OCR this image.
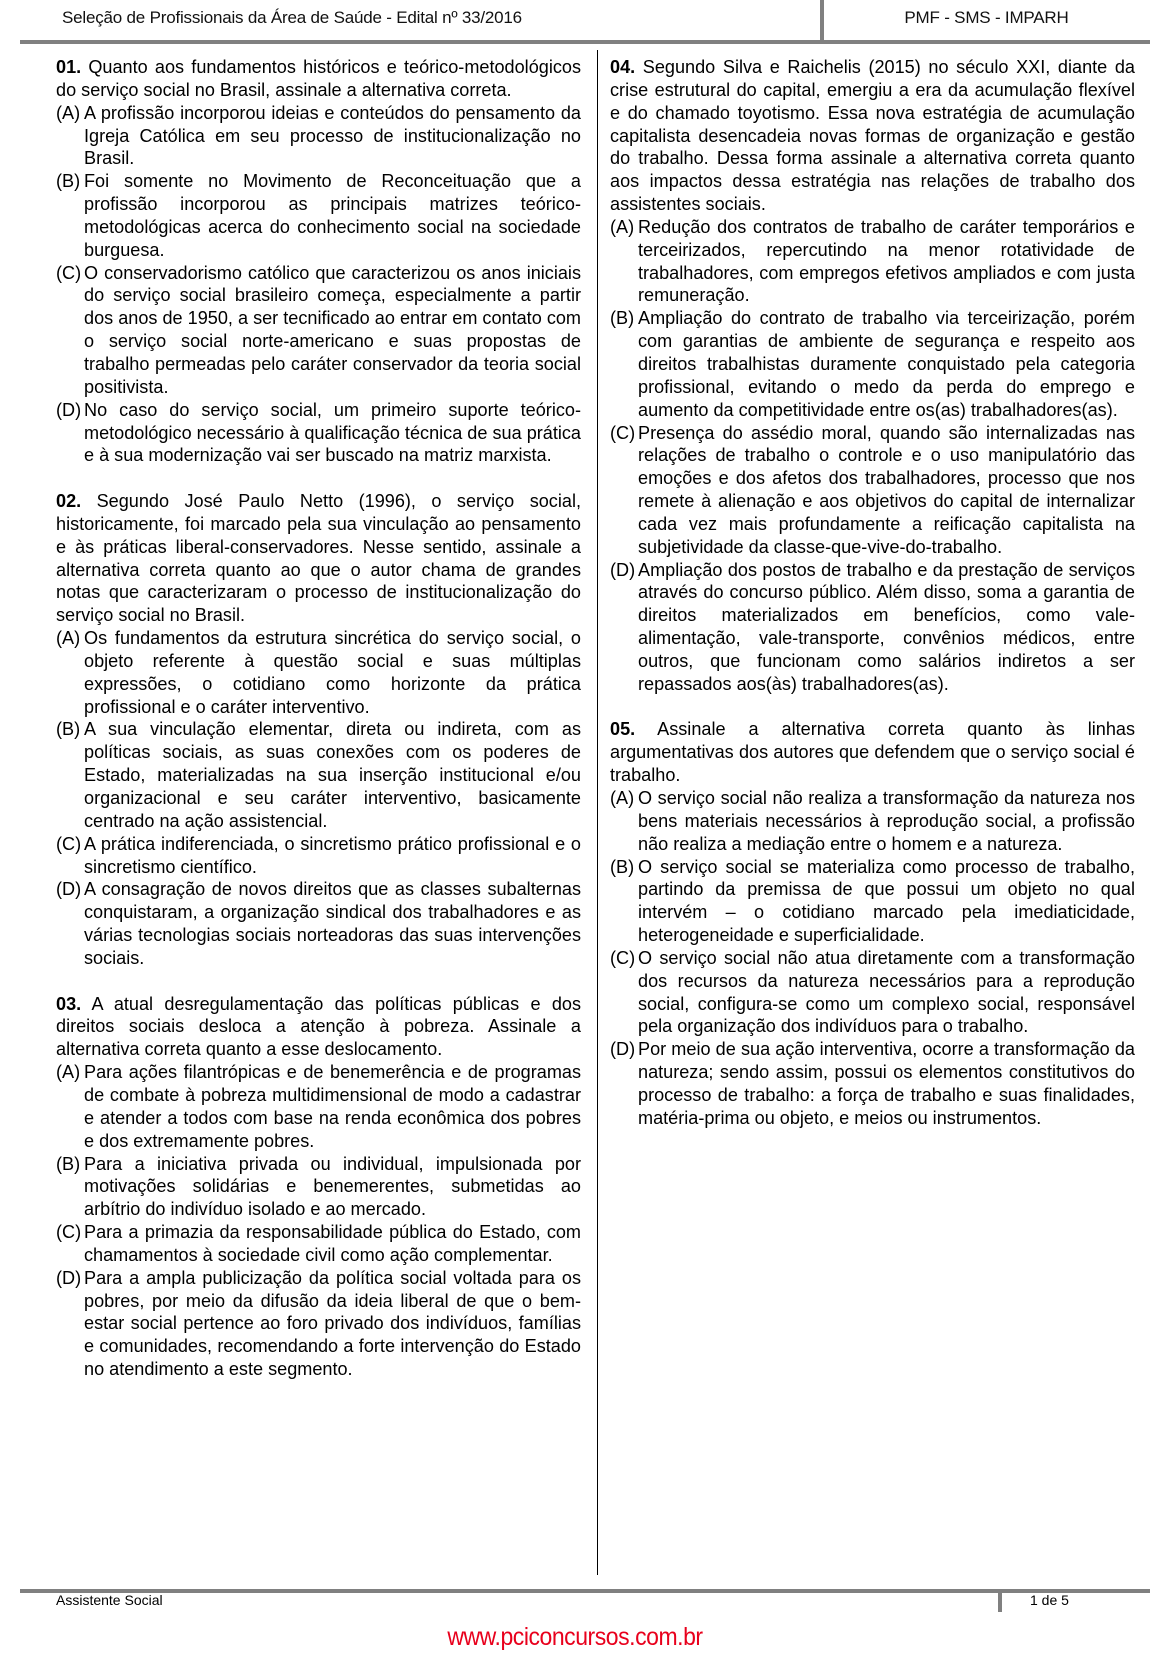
Seleção de Profissionais da Área de Saúde - Edital nº 33/2016	PMF - SMS - IMPARH

01. Quanto aos fundamentos históricos e teórico-metodológicos do serviço social no Brasil, assinale a alternativa correta.

(A) A profissão incorporou ideias e conteúdos do pensamento da Igreja Católica em seu processo de institucionalização no Brasil.
(B) Foi somente no Movimento de Reconceituação que a profissão incorporou as principais matrizes teórico-metodológicas acerca do conhecimento social na sociedade burguesa.
(C) O conservadorismo católico que caracterizou os anos iniciais do serviço social brasileiro começa, especialmente a partir dos anos de 1950, a ser tecnificado ao entrar em contato com o serviço social norte-americano e suas propostas de trabalho permeadas pelo caráter conservador da teoria social positivista.
(D) No caso do serviço social, um primeiro suporte teórico-metodológico necessário à qualificação técnica de sua prática e à sua modernização vai ser buscado na matriz marxista.

02. Segundo José Paulo Netto (1996), o serviço social, historicamente, foi marcado pela sua vinculação ao pensamento e às práticas liberal-conservadores. Nesse sentido, assinale a alternativa correta quanto ao que o autor chama de grandes notas que caracterizaram o processo de institucionalização do serviço social no Brasil.

(A) Os fundamentos da estrutura sincrética do serviço social, o objeto referente à questão social e suas múltiplas expressões, o cotidiano como horizonte da prática profissional e o caráter interventivo.
(B) A sua vinculação elementar, direta ou indireta, com as políticas sociais, as suas conexões com os poderes de Estado, materializadas na sua inserção institucional e/ou organizacional e seu caráter interventivo, basicamente centrado na ação assistencial.
(C) A prática indiferenciada, o sincretismo prático profissional e o sincretismo científico.
(D) A consagração de novos direitos que as classes subalternas conquistaram, a organização sindical dos trabalhadores e as várias tecnologias sociais norteadoras das suas intervenções sociais.

03. A atual desregulamentação das políticas públicas e dos direitos sociais desloca a atenção à pobreza. Assinale a alternativa correta quanto a esse deslocamento.

(A) Para ações filantrópicas e de benemerência e de programas de combate à pobreza multidimensional de modo a cadastrar e atender a todos com base na renda econômica dos pobres e dos extremamente pobres.
(B) Para a iniciativa privada ou individual, impulsionada por motivações solidárias e benemerentes, submetidas ao arbítrio do indivíduo isolado e ao mercado.
(C) Para a primazia da responsabilidade pública do Estado, com chamamentos à sociedade civil como ação complementar.
(D) Para a ampla publicização da política social voltada para os pobres, por meio da difusão da ideia liberal de que o bem-estar social pertence ao foro privado dos indivíduos, famílias e comunidades, recomendando a forte intervenção do Estado no atendimento a este segmento.

04. Segundo Silva e Raichelis (2015) no século XXI, diante da crise estrutural do capital, emergiu a era da acumulação flexível e do chamado toyotismo. Essa nova estratégia de acumulação capitalista desencadeia novas formas de organização e gestão do trabalho. Dessa forma assinale a alternativa correta quanto aos impactos dessa estratégia nas relações de trabalho dos assistentes sociais.

(A) Redução dos contratos de trabalho de caráter temporários e terceirizados, repercutindo na menor rotatividade de trabalhadores, com empregos efetivos ampliados e com justa remuneração.
(B) Ampliação do contrato de trabalho via terceirização, porém com garantias de ambiente de segurança e respeito aos direitos trabalhistas duramente conquistado pela categoria profissional, evitando o medo da perda do emprego e aumento da competitividade entre os(as) trabalhadores(as).
(C) Presença do assédio moral, quando são internalizadas nas relações de trabalho o controle e o uso manipulatório das emoções e dos afetos dos trabalhadores, processo que nos remete à alienação e aos objetivos do capital de internalizar cada vez mais profundamente a reificação capitalista na subjetividade da classe-que-vive-do-trabalho.
(D) Ampliação dos postos de trabalho e da prestação de serviços através do concurso público. Além disso, soma a garantia de direitos materializados em benefícios, como vale-alimentação, vale-transporte, convênios médicos, entre outros, que funcionam como salários indiretos a ser repassados aos(às) trabalhadores(as).

05. Assinale a alternativa correta quanto às linhas argumentativas dos autores que defendem que o serviço social é trabalho.

(A) O serviço social não realiza a transformação da natureza nos bens materiais necessários à reprodução social, a profissão não realiza a mediação entre o homem e a natureza.
(B) O serviço social se materializa como processo de trabalho, partindo da premissa de que possui um objeto no qual intervém – o cotidiano marcado pela imediaticidade, heterogeneidade e superficialidade.
(C) O serviço social não atua diretamente com a transformação dos recursos da natureza necessários para a reprodução social, configura-se como um complexo social, responsável pela organização dos indivíduos para o trabalho.
(D) Por meio de sua ação interventiva, ocorre a transformação da natureza; sendo assim, possui os elementos constitutivos do processo de trabalho: a força de trabalho e suas finalidades, matéria-prima ou objeto, e meios ou instrumentos.
Assistente Social	1 de 5
www.pciconcursos.com.br
